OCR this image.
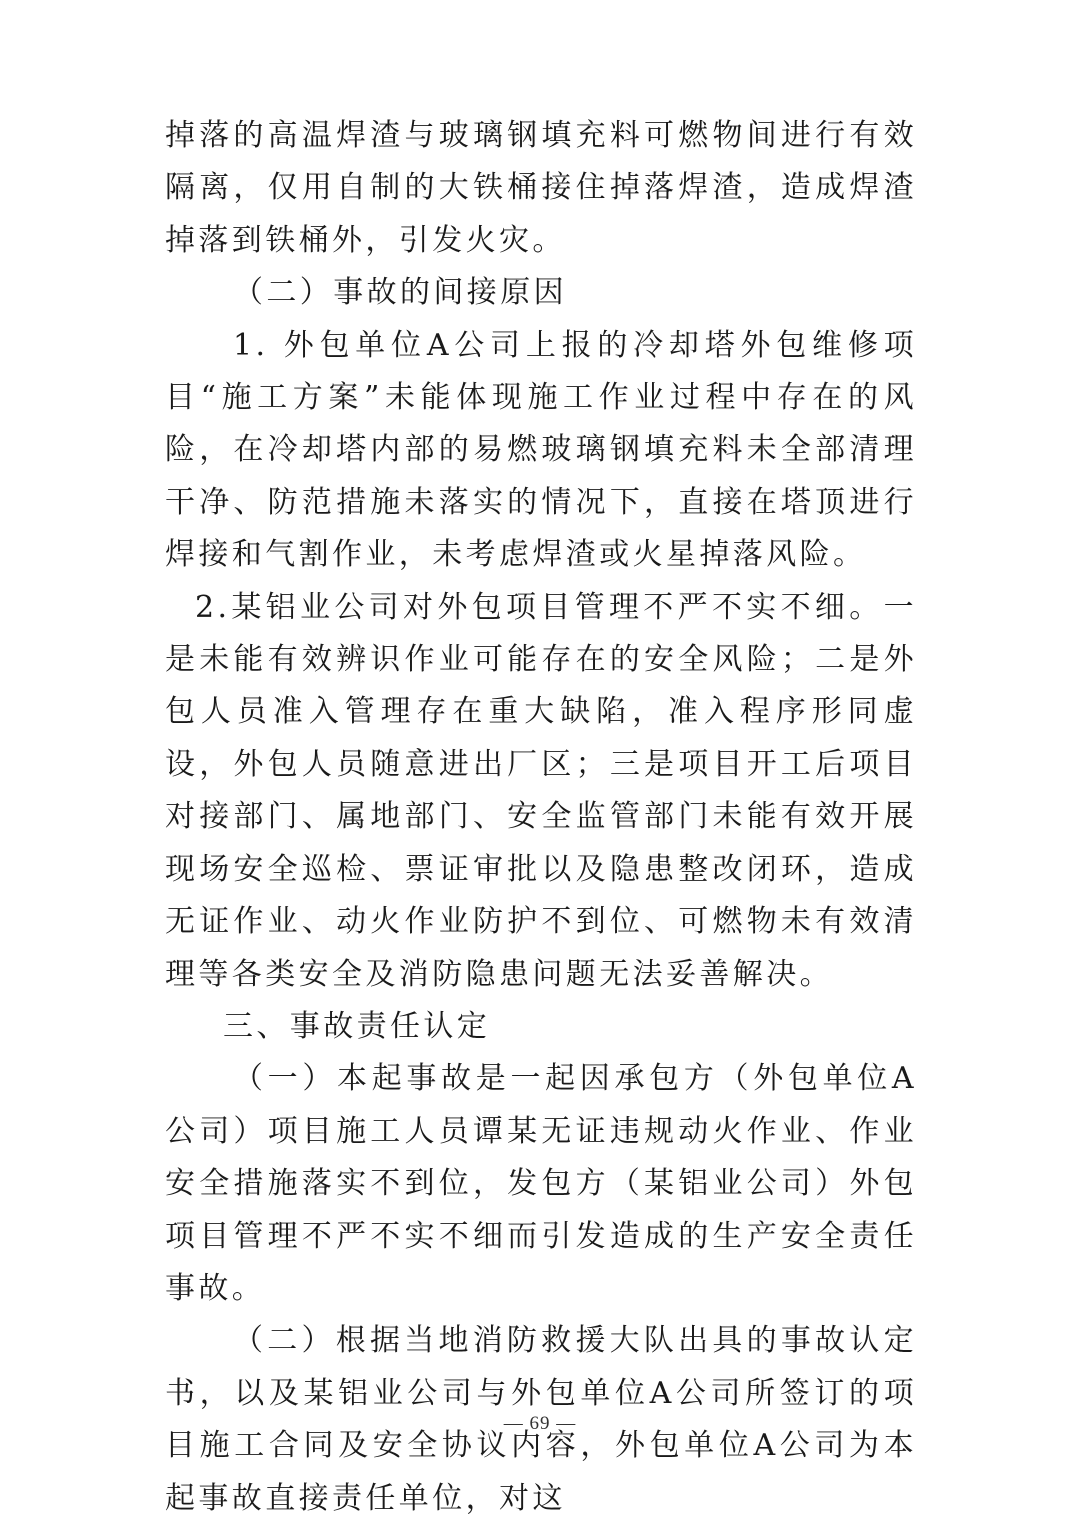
掉落的高温焊渣与玻璃钢填充料可燃物间进行有效隔离，仅用自制的大铁桶接住掉落焊渣，造成焊渣掉落到铁桶外，引发火灾。

（二）事故的间接原因

1. 外包单位A公司上报的冷却塔外包维修项目“施工方案”未能体现施工作业过程中存在的风险，在冷却塔内部的易燃玻璃钢填充料未全部清理干净、防范措施未落实的情况下，直接在塔顶进行焊接和气割作业，未考虑焊渣或火星掉落风险。

2.某铝业公司对外包项目管理不严不实不细。一是未能有效辨识作业可能存在的安全风险；二是外包人员准入管理存在重大缺陷，准入程序形同虚设，外包人员随意进出厂区；三是项目开工后项目对接部门、属地部门、安全监管部门未能有效开展现场安全巡检、票证审批以及隐患整改闭环，造成无证作业、动火作业防护不到位、可燃物未有效清理等各类安全及消防隐患问题无法妥善解决。

三、事故责任认定

（一）本起事故是一起因承包方（外包单位A公司）项目施工人员谭某无证违规动火作业、作业安全措施落实不到位，发包方（某铝业公司）外包项目管理不严不实不细而引发造成的生产安全责任事故。

（二）根据当地消防救援大队出具的事故认定书，以及某铝业公司与外包单位A公司所签订的项目施工合同及安全协议内容，外包单位A公司为本起事故直接责任单位，对这

— 69 —
